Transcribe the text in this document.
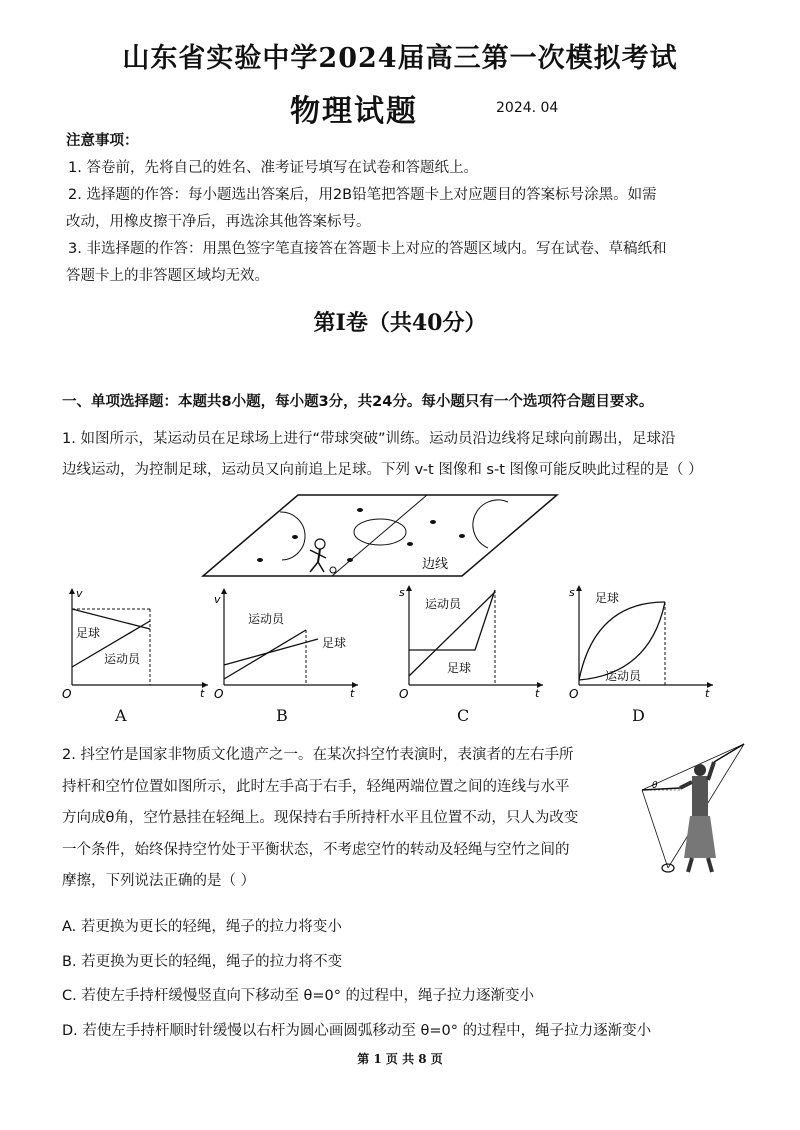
山东省实验中学2024届高三第一次模拟考试
物理试题	2024. 04

注意事项：

1. 答卷前，先将自己的姓名、准考证号填写在试卷和答题纸上。

2. 选择题的作答：每小题选出答案后，用2B铅笔把答题卡上对应题目的答案标号涂黑。如需

改动，用橡皮擦干净后，再选涂其他答案标号。

3. 非选择题的作答：用黑色签字笔直接答在答题卡上对应的答题区域内。写在试卷、草稿纸和

答题卡上的非答题区域均无效。

第Ⅰ卷（共40分）
一、单项选择题：本题共8小题，每小题3分，共24分。每小题只有一个选项符合题目要求。

1. 如图所示，某运动员在足球场上进行“带球突破”训练。运动员沿边线将足球向前踢出，足球沿

边线运动，为控制足球，运动员又向前追上足球。下列 v-t 图像和 s-t 图像可能反映此过程的是（ ）

边线
v
t
O
足球
运动员
A
v
t
O
运动员
足球
B
s
t
O
运动员
足球
C
s
t
O
足球
运动员
D

2. 抖空竹是国家非物质文化遗产之一。在某次抖空竹表演时，表演者的左右手所

持杆和空竹位置如图所示，此时左手高于右手，轻绳两端位置之间的连线与水平

方向成θ角，空竹悬挂在轻绳上。现保持右手所持杆水平且位置不动，只人为改变

一个条件，始终保持空竹处于平衡状态，不考虑空竹的转动及轻绳与空竹之间的

摩擦，下列说法正确的是（ ）

θ

A. 若更换为更长的轻绳，绳子的拉力将变小

B. 若更换为更长的轻绳，绳子的拉力将不变

C. 若使左手持杆缓慢竖直向下移动至 θ=0° 的过程中，绳子拉力逐渐变小

D. 若使左手持杆顺时针缓慢以右杆为圆心画圆弧移动至 θ=0° 的过程中，绳子拉力逐渐变小

第 1 页 共 8 页
